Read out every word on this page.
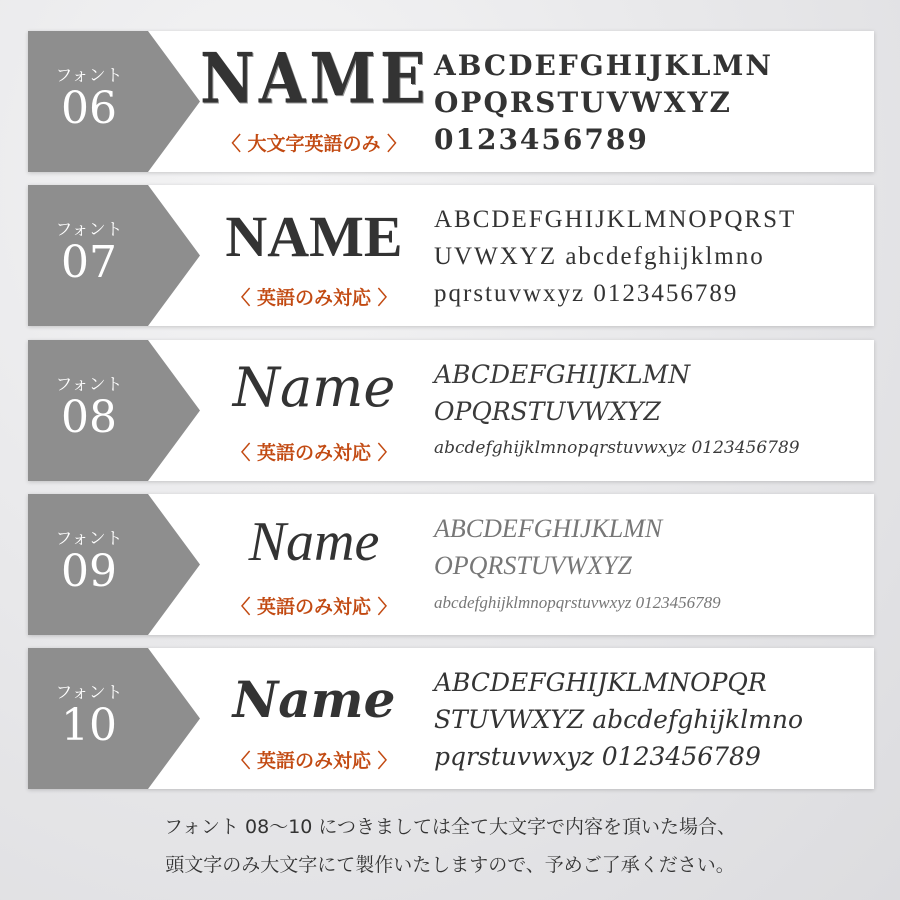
フォント
06	NAME
〈 大文字英語のみ 〉
ABCDEFGHIJKLMN
OPQRSTUVWXYZ
0123456789
フォント
07	NAME
〈 英語のみ対応 〉
ABCDEFGHIJKLMNOPQRST
UVWXYZ abcdefghijklmno
pqrstuvwxyz 0123456789
フォント
08	Name
〈 英語のみ対応 〉
ABCDEFGHIJKLMN
OPQRSTUVWXYZ
abcdefghijklmnopqrstuvwxyz 0123456789
フォント
09	Name
〈 英語のみ対応 〉
ABCDEFGHIJKLMN
OPQRSTUVWXYZ
abcdefghijklmnopqrstuvwxyz 0123456789
フォント
10	Name
〈 英語のみ対応 〉
ABCDEFGHIJKLMNOPQR
STUVWXYZ abcdefghijklmno
pqrstuvwxyz 0123456789
フォント 08〜10 につきましては全て大文字で内容を頂いた場合、
頭文字のみ大文字にて製作いたしますので、予めご了承ください。
